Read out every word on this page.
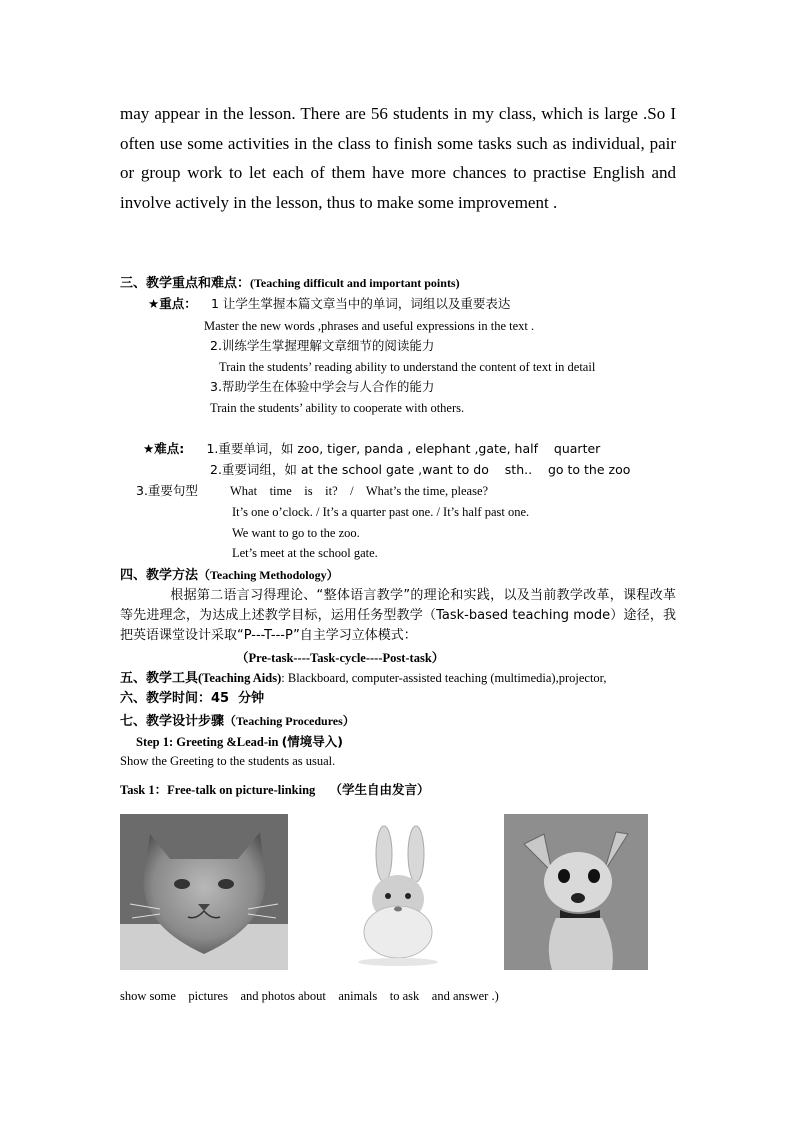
may appear in the lesson. There are 56 students in my class, which is large .So I often use some activities in the class to finish some tasks such as individual, pair or group work to let each of them have more chances to practise English and involve actively in the lesson, thus to make some improvement .

三、教学重点和难点：(Teaching difficult and important points)
★重点： 1 让学生掌握本篇文章当中的单词，词组以及重要表达
Master the new words ,phrases and useful expressions in the text .
2.训练学生掌握理解文章细节的阅读能力
Train the students’ reading ability to understand the content of text in detail
3.帮助学生在体验中学会与人合作的能力
Train the students’ ability to cooperate with others.
★难点: 1.重要单词，如 zoo, tiger, panda , elephant ,gate, half    quarter
2.重要词组，如 at the school gate ,want to do    sth..    go to the zoo
3.重要句型	What    time    is    it?    /    What’s the time, please?
It’s one o’clock. / It’s a quarter past one. / It’s half past one.
We want to go to the zoo.
Let’s meet at the school gate.
四、教学方法（Teaching Methodology）
根据第二语言习得理论、“整体语言教学”的理论和实践，以及当前教学改革，课程改革等先进理念，为达成上述教学目标，运用任务型教学（Task-based teaching mode）途径，我把英语课堂设计采取“P---T---P”自主学习立体模式：
（Pre-task----Task-cycle----Post-task）
五、教学工具(Teaching Aids): Blackboard, computer-assisted teaching (multimedia),projector,
六、教学时间：45  分钟
七、教学设计步骤（Teaching Procedures）
Step 1: Greeting &Lead-in (情境导入)
Show the Greeting to the students as usual.
Task 1：Free-talk on picture-linking （学生自由发言）
show some    pictures    and photos about    animals    to ask    and answer .)
